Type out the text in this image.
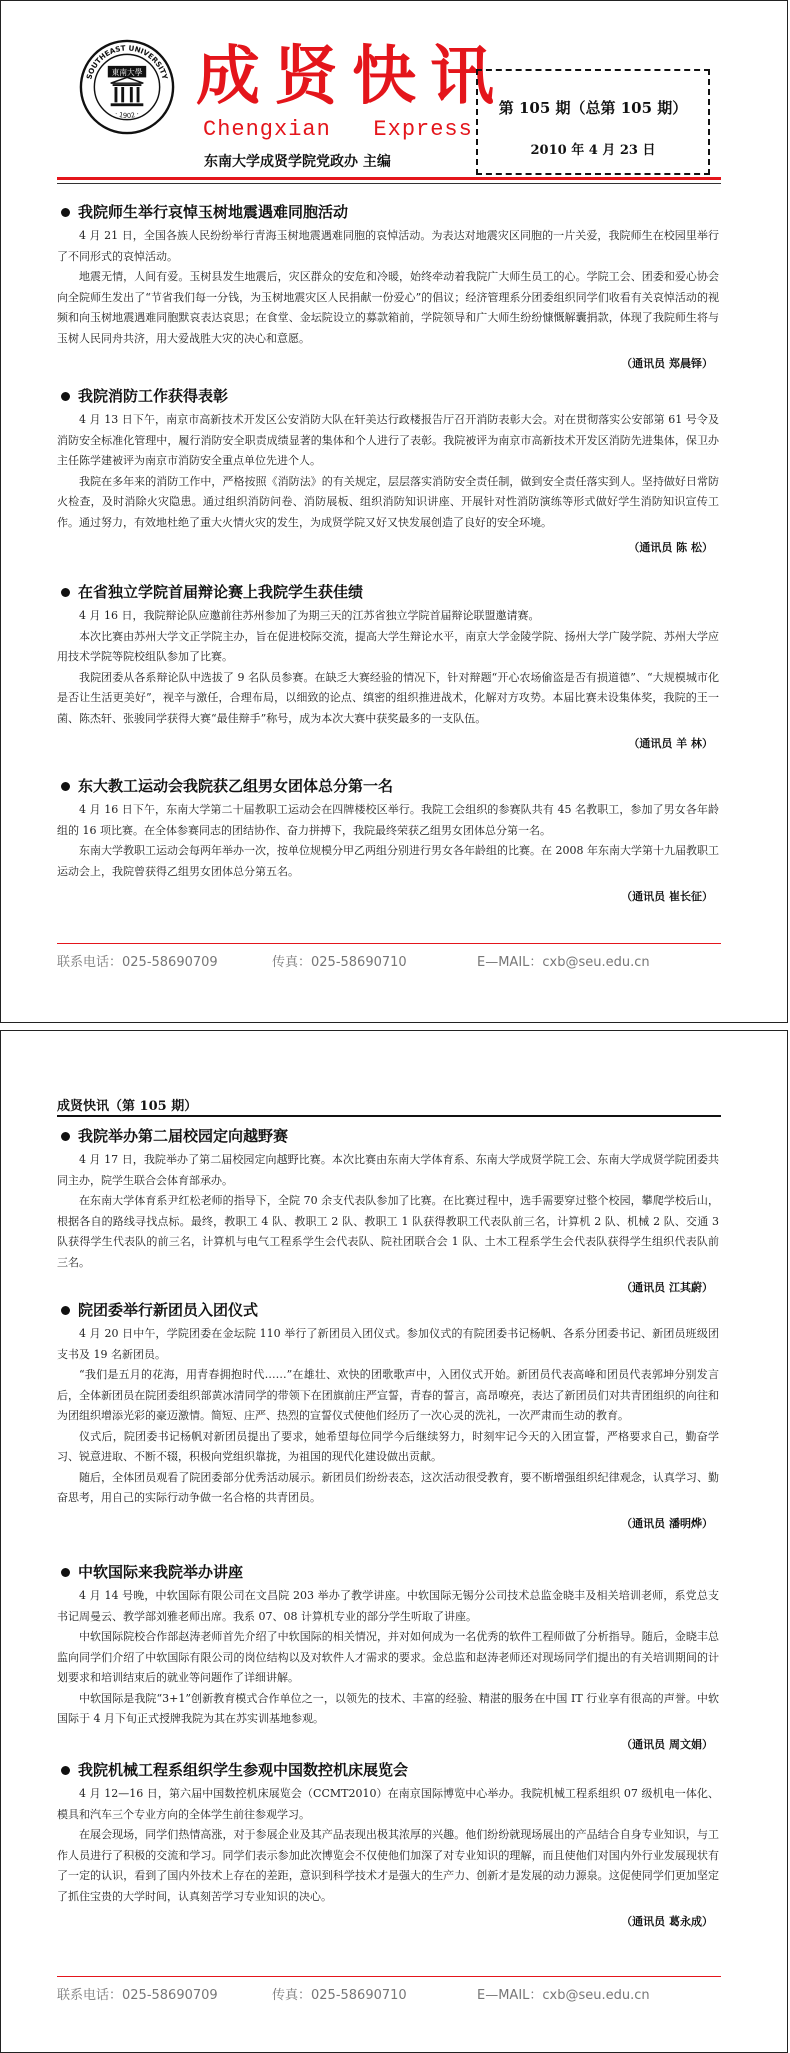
SOUTHEAST UNIVERSITY
· 1902 ·
東南大學 成贤快讯
Chengxian   Express
东南大学成贤学院党政办 主编
第 105 期（总第 105 期）
2010 年 4 月 23 日
我院师生举行哀悼玉树地震遇难同胞活动

4 月 21 日，全国各族人民纷纷举行青海玉树地震遇难同胞的哀悼活动。为表达对地震灾区同胞的一片关爱，我院师生在校园里举行了不同形式的哀悼活动。

地震无情，人间有爱。玉树县发生地震后，灾区群众的安危和冷暖，始终牵动着我院广大师生员工的心。学院工会、团委和爱心协会向全院师生发出了“节省我们每一分钱，为玉树地震灾区人民捐献一份爱心”的倡议；经济管理系分团委组织同学们收看有关哀悼活动的视频和向玉树地震遇难同胞默哀表达哀思；在食堂、金坛院设立的募款箱前，学院领导和广大师生纷纷慷慨解囊捐款，体现了我院师生将与玉树人民同舟共济，用大爱战胜大灾的决心和意愿。

（通讯员 郑晨铎）
我院消防工作获得表彰

4 月 13 日下午，南京市高新技术开发区公安消防大队在轩美达行政楼报告厅召开消防表彰大会。对在贯彻落实公安部第 61 号令及消防安全标准化管理中，履行消防安全职责成绩显著的集体和个人进行了表彰。我院被评为南京市高新技术开发区消防先进集体，保卫办主任陈学建被评为南京市消防安全重点单位先进个人。

我院在多年来的消防工作中，严格按照《消防法》的有关规定，层层落实消防安全责任制，做到安全责任落实到人。坚持做好日常防火检查，及时消除火灾隐患。通过组织消防问卷、消防展板、组织消防知识讲座、开展针对性消防演练等形式做好学生消防知识宣传工作。通过努力，有效地杜绝了重大火情火灾的发生，为成贤学院又好又快发展创造了良好的安全环境。

（通讯员 陈 松）
在省独立学院首届辩论赛上我院学生获佳绩

4 月 16 日，我院辩论队应邀前往苏州参加了为期三天的江苏省独立学院首届辩论联盟邀请赛。

本次比赛由苏州大学文正学院主办，旨在促进校际交流，提高大学生辩论水平，南京大学金陵学院、扬州大学广陵学院、苏州大学应用技术学院等院校组队参加了比赛。

我院团委从各系辩论队中选拔了 9 名队员参赛。在缺乏大赛经验的情况下，针对辩题“开心农场偷盗是否有损道德”、“大规模城市化是否让生活更美好”，视辛与激任，合理布局，以细致的论点、缜密的组织推进战术，化解对方攻势。本届比赛未设集体奖，我院的王一菌、陈杰轩、张骏同学获得大赛“最佳辩手”称号，成为本次大赛中获奖最多的一支队伍。

（通讯员 羊 林）
东大教工运动会我院获乙组男女团体总分第一名

4 月 16 日下午，东南大学第二十届教职工运动会在四牌楼校区举行。我院工会组织的参赛队共有 45 名教职工，参加了男女各年龄组的 16 项比赛。在全体参赛同志的团结协作、奋力拼搏下，我院最终荣获乙组男女团体总分第一名。

东南大学教职工运动会每两年举办一次，按单位规模分甲乙两组分别进行男女各年龄组的比赛。在 2008 年东南大学第十九届教职工运动会上，我院曾获得乙组男女团体总分第五名。

（通讯员 崔长征）
联系电话：025-58690709	传真：025-58690710	E—MAIL：cxb@seu.edu.cn
成贤快讯（第 105 期）
我院举办第二届校园定向越野赛

4 月 17 日，我院举办了第二届校园定向越野比赛。本次比赛由东南大学体育系、东南大学成贤学院工会、东南大学成贤学院团委共同主办，院学生联合会体育部承办。

在东南大学体育系尹红松老师的指导下，全院 70 余支代表队参加了比赛。在比赛过程中，选手需要穿过整个校园，攀爬学校后山，根据各自的路线寻找点标。最终，教职工 4 队、教职工 2 队、教职工 1 队获得教职工代表队前三名，计算机 2 队、机械 2 队、交通 3 队获得学生代表队的前三名，计算机与电气工程系学生会代表队、院社团联合会 1 队、土木工程系学生会代表队获得学生组织代表队前三名。

（通讯员 江其蔚）
院团委举行新团员入团仪式

4 月 20 日中午，学院团委在金坛院 110 举行了新团员入团仪式。参加仪式的有院团委书记杨帆、各系分团委书记、新团员班级团支书及 19 名新团员。

“我们是五月的花海，用青春拥抱时代……”在雄壮、欢快的团歌歌声中，入团仪式开始。新团员代表高峰和团员代表郭坤分别发言后，全体新团员在院团委组织部黄冰清同学的带领下在团旗前庄严宣誓，青春的誓言，高昂嘹亮，表达了新团员们对共青团组织的向往和为团组织增添光彩的豪迈激情。简短、庄严、热烈的宣誓仪式使他们经历了一次心灵的洗礼，一次严肃而生动的教育。

仪式后，院团委书记杨帆对新团员提出了要求，她希望每位同学今后继续努力，时刻牢记今天的入团宣誓，严格要求自己，勤奋学习、锐意进取、不断不辍，积极向党组织靠拢，为祖国的现代化建设做出贡献。

随后，全体团员观看了院团委部分优秀活动展示。新团员们纷纷表态，这次活动很受教育，要不断增强组织纪律观念，认真学习、勤奋思考，用自己的实际行动争做一名合格的共青团员。

（通讯员 潘明烨）
中软国际来我院举办讲座

4 月 14 号晚，中软国际有限公司在文昌院 203 举办了教学讲座。中软国际无锡分公司技术总监金晓丰及相关培训老师，系党总支书记周曼云、教学部刘雅老师出席。我系 07、08 计算机专业的部分学生听取了讲座。

中软国际院校合作部赵涛老师首先介绍了中软国际的相关情况，并对如何成为一名优秀的软件工程师做了分析指导。随后，金晓丰总监向同学们介绍了中软国际有限公司的岗位结构以及对软件人才需求的要求。金总监和赵涛老师还对现场同学们提出的有关培训期间的计划要求和培训结束后的就业等问题作了详细讲解。

中软国际是我院“3+1”创新教育模式合作单位之一，以领先的技术、丰富的经验、精湛的服务在中国 IT 行业享有很高的声誉。中软国际于 4 月下旬正式授牌我院为其在苏实训基地参观。

（通讯员 周文娟）
我院机械工程系组织学生参观中国数控机床展览会

4 月 12—16 日，第六届中国数控机床展览会（CCMT2010）在南京国际博览中心举办。我院机械工程系组织 07 级机电一体化、模具和汽车三个专业方向的全体学生前往参观学习。

在展会现场，同学们热情高涨，对于参展企业及其产品表现出极其浓厚的兴趣。他们纷纷就现场展出的产品结合自身专业知识，与工作人员进行了积极的交流和学习。同学们表示参加此次博览会不仅使他们加深了对专业知识的理解，而且使他们对国内外行业发展现状有了一定的认识，看到了国内外技术上存在的差距，意识到科学技术才是强大的生产力、创新才是发展的动力源泉。这促使同学们更加坚定了抓住宝贵的大学时间，认真刻苦学习专业知识的决心。

（通讯员 葛永成）
联系电话：025-58690709	传真：025-58690710	E—MAIL：cxb@seu.edu.cn
